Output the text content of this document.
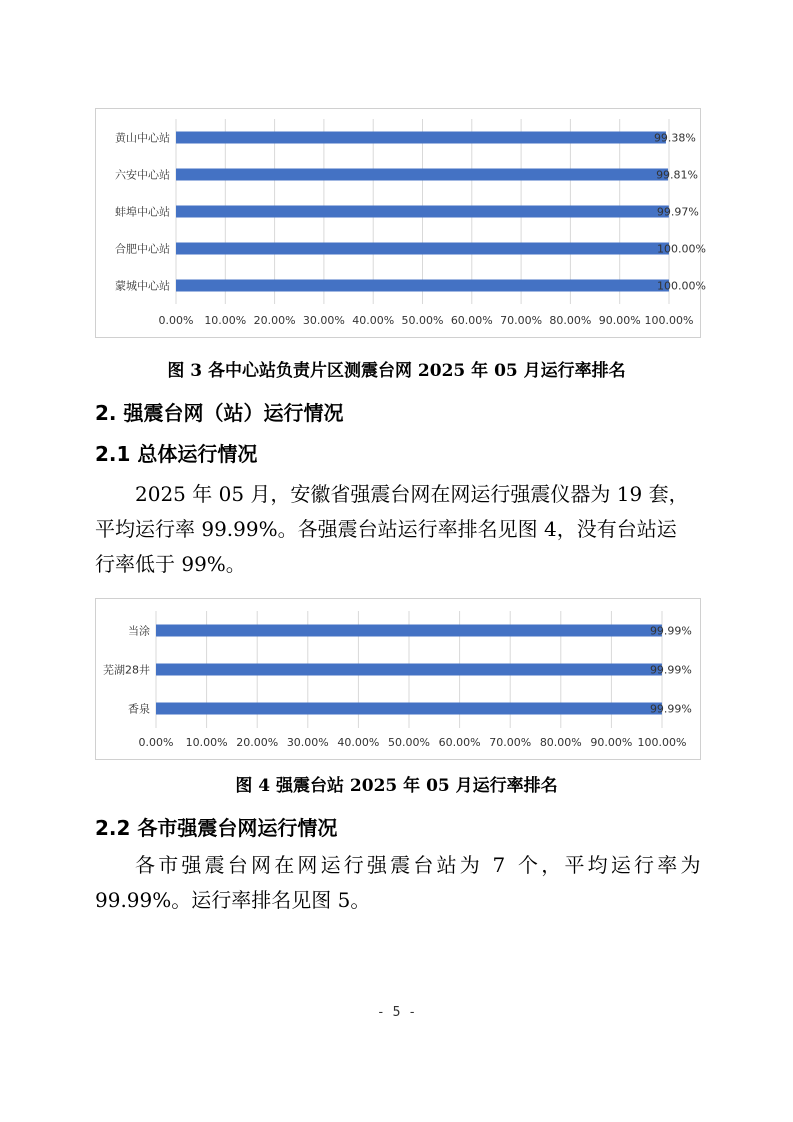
0.00% 10.00% 20.00% 30.00% 40.00% 50.00% 60.00% 70.00% 80.00% 90.00% 100.00%
黄山中心站	99.38%
六安中心站	99.81%
蚌埠中心站	99.97%
合肥中心站	100.00%
蒙城中心站	100.00%
图 3 各中心站负责片区测震台网 2025 年 05 月运行率排名
2. 强震台网（站）运行情况
2.1 总体运行情况
2025 年 05 月，安徽省强震台网在网运行强震仪器为 19 套，
平均运行率 99.99%。各强震台站运行率排名见图 4，没有台站运
行率低于 99%。
0.00% 10.00% 20.00% 30.00% 40.00% 50.00% 60.00% 70.00% 80.00% 90.00% 100.00%
当涂	99.99%
芜湖28井	99.99%
香泉	99.99%
图 4 强震台站 2025 年 05 月运行率排名
2.2 各市强震台网运行情况
各市强震台网在网运行强震台站为 7 个，平均运行率为
99.99%。运行率排名见图 5。
- 5 -
